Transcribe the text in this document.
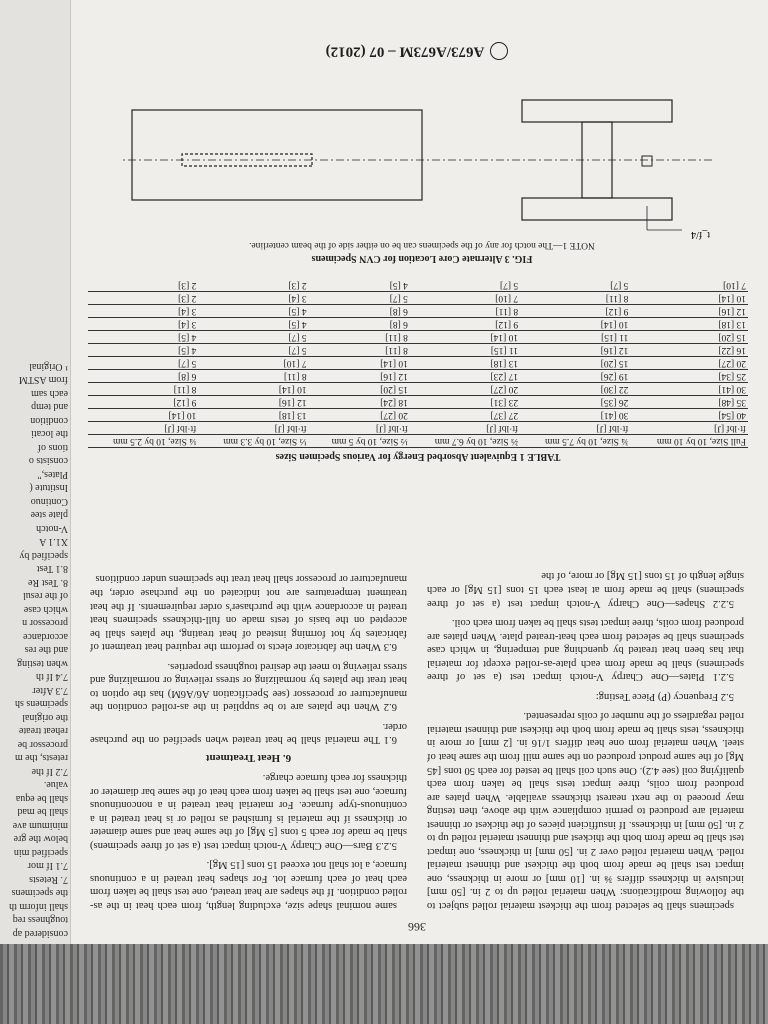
considered ap
toughness req
shall inform th
the specimens
7. Retests
7.1 If mor
specified min
below the gre
minimum ave
shall be mad
shall be equa
value.
7.2 If the
retests, the m
processor be
reheat treate
the original
specimens sh
7.3 After
7.4 If th
when testing
and the res
accordance
processor n
which case
of the resul
8. Test Re
8.1 Test
specified by
X1.1 A
V-notch
plate stee
Continuo
Institute (
Plates,"
consists o
tions of
the locati
condition
and temp
each sam
from ASTM
¹ Original
366

specimens shall be selected from the thickest material rolled subject to the following modifications: When material rolled up to 2 in. [50 mm] inclusive in thickness differs ⅜ in. [10 mm] or more in thickness, one impact test shall be made from both the thickest and thinnest material rolled. When material rolled over 2 in. [50 mm] in thickness, one impact test shall be made from both the thickest and thinnest material rolled up to 2 in. [50 mm] in thickness. If insufficient pieces of the thickest or thinnest material are produced to permit compliance with the above, then testing may proceed to the next nearest thickness available. When plates are produced from coils, three impact tests shall be taken from each qualifying coil (see 4.2). One such coil shall be tested for each 50 tons [45 Mg] of the same product produced on the same mill from the same heat of steel. When material from one heat differs 1/16 in. [2 mm] or more in thickness, tests shall be made from both the thickest and thinnest material rolled regardless of the number of coils represented.

5.2 Frequency (P) Piece Testing:

5.2.1 Plates—One Charpy V-notch impact test (a set of three specimens) shall be made from each plate-as-rolled except for material that has been heat treated by quenching and tempering, in which case specimens shall be selected from each heat-treated plate. When plates are produced from coils, three impact tests shall be taken from each coil.

5.2.2 Shapes—One Charpy V-notch impact test (a set of three specimens) shall be made from at least each 15 tons [15 Mg] or each single length of 15 tons [15 Mg] or more, of the

same nominal shape size, excluding length, from each heat in the as-rolled condition. If the shapes are heat treated, one test shall be taken from each heat of each furnace lot. For shapes heat treated in a continuous furnace, a lot shall not exceed 15 tons [15 Mg].

5.2.3 Bars—One Charpy V-notch impact test (a set of three specimens) shall be made for each 5 tons [5 Mg] of the same heat and same diameter or thickness if the material is furnished as rolled or is heat treated in a continuous-type furnace. For material heat treated in a noncontinuous furnace, one test shall be taken from each heat of the same bar diameter or thickness for each furnace charge.

6. Heat Treatment

6.1 The material shall be heat treated when specified on the purchase order.

6.2 When the plates are to be supplied in the as-rolled condition the manufacturer or processor (see Specification A6/A6M) has the option to heat treat the plates by normalizing or stress relieving or normalizing and stress relieving to meet the desired toughness properties.

6.3 When the fabricator elects to perform the required heat treatment of fabricates by hot forming instead of heat treating, the plates shall be accepted on the basis of tests made on full-thickness specimens heat treated in accordance with the purchaser's order requirements. If the heat treatment temperatures are not indicated on the purchase order, the manufacturer or processor shall heat treat the specimens under conditions

TABLE 1 Equivalent Absorbed Energy for Various Specimen Sizes
Full Size, 10 by 10 mm	¾ Size, 10 by 7.5 mm	⅔ Size, 10 by 6.7 mm	½ Size, 10 by 5 mm	⅓ Size, 10 by 3.3 mm	¼ Size, 10 by 2.5 mm
ft·lbf [J]	ft·lbf [J]	ft·lbf [J]	ft·lbf [J]	ft·lbf [J]	ft·lbf [J]
40 [54]	30 [41]	27 [37]	20 [27]	13 [18]	10 [14]
35 [48]	26 [35]	23 [31]	18 [24]	12 [16]	9 [12]
30 [41]	22 [30]	20 [27]	15 [20]	10 [14]	8 [11]
25 [34]	19 [26]	17 [23]	12 [16]	8 [11]	6 [8]
20 [27]	15 [20]	13 [18]	10 [14]	7 [10]	5 [7]
16 [22]	12 [16]	11 [15]	8 [11]	5 [7]	4 [5]
15 [20]	11 [15]	10 [14]	8 [11]	5 [7]	4 [5]
13 [18]	10 [14]	9 [12]	6 [8]	4 [5]	3 [4]
12 [16]	9 [12]	8 [11]	6 [8]	4 [5]	3 [4]
10 [14]	8 [11]	7 [10]	5 [7]	3 [4]	2 [3]
7 [10]	5 [7]	5 [7]	4 [5]	2 [3]	2 [3]
FIG. 3 Alternate Core Location for CVN Specimens
NOTE 1—The notch for any of the specimens can be on either side of the beam centerline.
t_f/4
A673/A673M – 07 (2012)
